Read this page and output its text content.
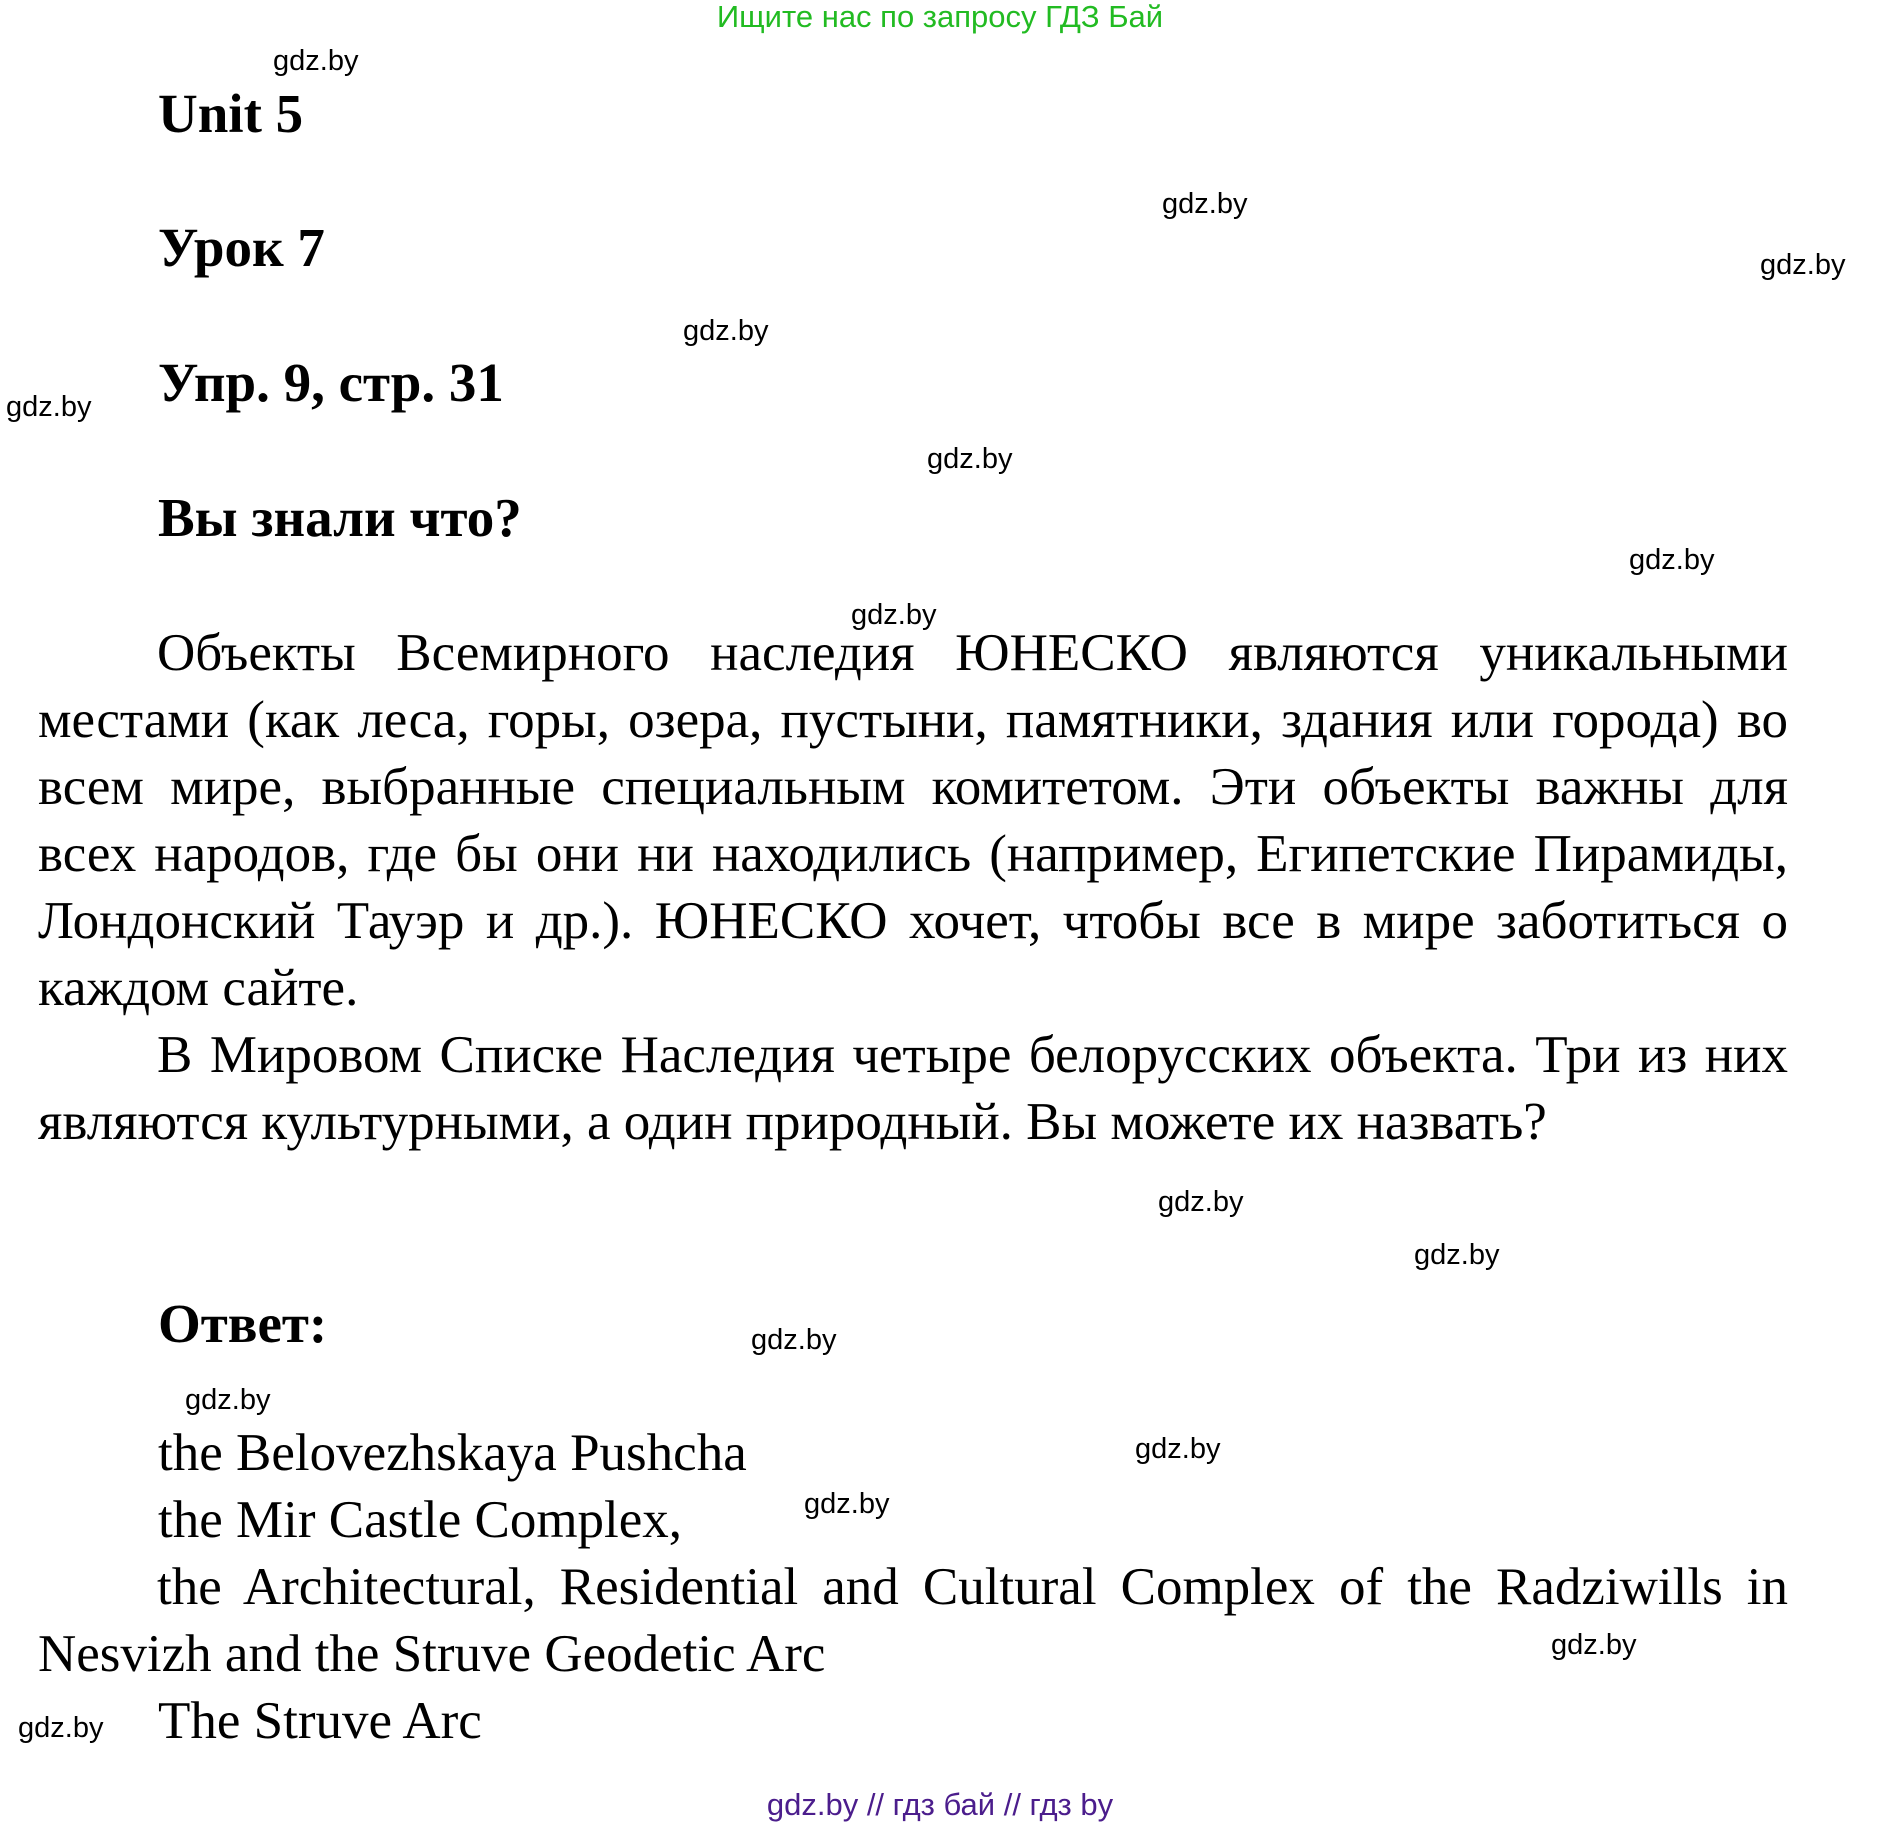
Ищите нас по запросу ГДЗ Бай
Unit 5
Урок 7
Упр. 9, стр. 31
Вы знали что?

Объекты Всемирного наследия ЮНЕСКО являются уникальными местами (как леса, горы, озера, пустыни, памятники, здания или города) во всем мире, выбранные специальным комитетом. Эти объекты важны для всех народов, где бы они ни находились (например, Египетские Пирамиды, Лондонский Тауэр и др.). ЮНЕСКО хочет, чтобы все в мире заботиться о каждом сайте.

В Мировом Списке Наследия четыре белорусских объекта. Три из них являются культурными, а один природный. Вы можете их назвать?

Ответ:

the Belovezhskaya Pushcha

the Mir Castle Complex,

the Architectural, Residential and Cultural Complex of the Radziwills in Nesvizh and the Struve Geodetic Arc

The Struve Arc

gdz.by
gdz.by
gdz.by
gdz.by
gdz.by
gdz.by
gdz.by
gdz.by
gdz.by
gdz.by
gdz.by
gdz.by
gdz.by
gdz.by
gdz.by
gdz.by
gdz.by // гдз бай // гдз by
